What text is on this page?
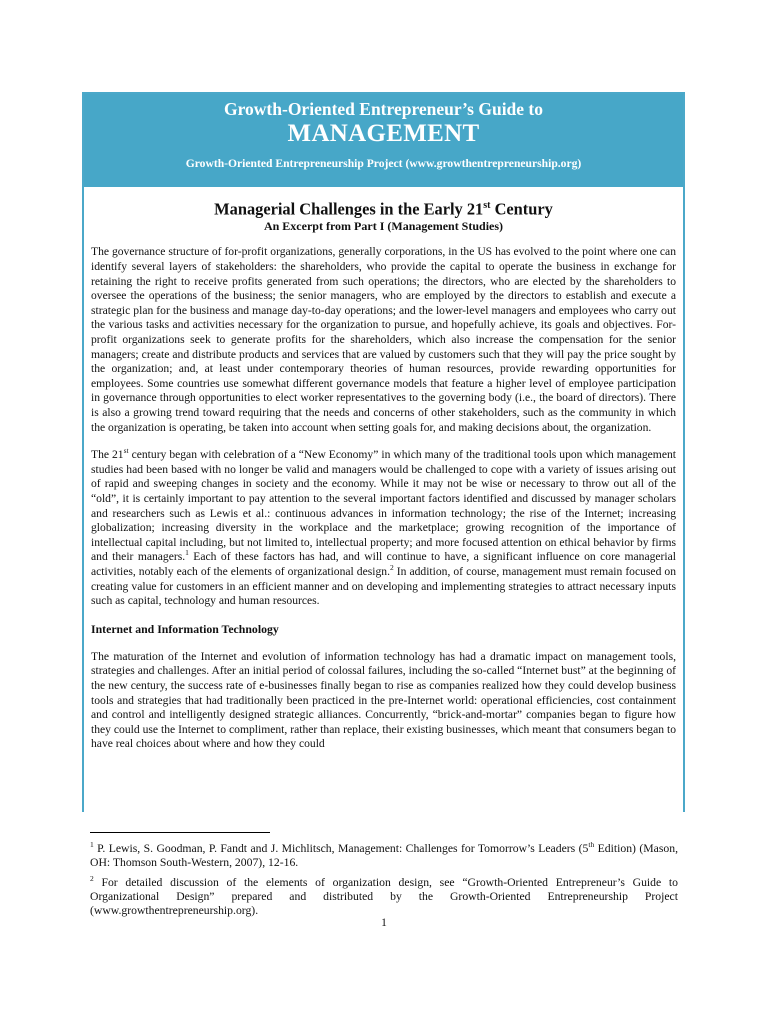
Growth-Oriented Entrepreneur’s Guide to
MANAGEMENT
Growth-Oriented Entrepreneurship Project (www.growthentrepreneurship.org)
Managerial Challenges in the Early 21st Century
An Excerpt from Part I (Management Studies)

The governance structure of for-profit organizations, generally corporations, in the US has evolved to the point where one can identify several layers of stakeholders: the shareholders, who provide the capital to operate the business in exchange for retaining the right to receive profits generated from such operations; the directors, who are elected by the shareholders to oversee the operations of the business; the senior managers, who are employed by the directors to establish and execute a strategic plan for the business and manage day-to-day operations; and the lower-level managers and employees who carry out the various tasks and activities necessary for the organization to pursue, and hopefully achieve, its goals and objectives. For-profit organizations seek to generate profits for the shareholders, which also increase the compensation for the senior managers; create and distribute products and services that are valued by customers such that they will pay the price sought by the organization; and, at least under contemporary theories of human resources, provide rewarding opportunities for employees. Some countries use somewhat different governance models that feature a higher level of employee participation in governance through opportunities to elect worker representatives to the governing body (i.e., the board of directors). There is also a growing trend toward requiring that the needs and concerns of other stakeholders, such as the community in which the organization is operating, be taken into account when setting goals for, and making decisions about, the organization.

The 21st century began with celebration of a “New Economy” in which many of the traditional tools upon which management studies had been based with no longer be valid and managers would be challenged to cope with a variety of issues arising out of rapid and sweeping changes in society and the economy. While it may not be wise or necessary to throw out all of the “old”, it is certainly important to pay attention to the several important factors identified and discussed by manager scholars and researchers such as Lewis et al.: continuous advances in information technology; the rise of the Internet; increasing globalization; increasing diversity in the workplace and the marketplace; growing recognition of the importance of intellectual capital including, but not limited to, intellectual property; and more focused attention on ethical behavior by firms and their managers.$^1$ Each of these factors has had, and will continue to have, a significant influence on core managerial activities, notably each of the elements of organizational design.$^2$ In addition, of course, management must remain focused on creating value for customers in an efficient manner and on developing and implementing strategies to attract necessary inputs such as capital, technology and human resources.

Internet and Information Technology

The maturation of the Internet and evolution of information technology has had a dramatic impact on management tools, strategies and challenges. After an initial period of colossal failures, including the so-called “Internet bust” at the beginning of the new century, the success rate of e-businesses finally began to rise as companies realized how they could develop business tools and strategies that had traditionally been practiced in the pre-Internet world: operational efficiencies, cost containment and control and intelligently designed strategic alliances. Concurrently, “brick-and-mortar” companies began to figure how they could use the Internet to compliment, rather than replace, their existing businesses, which meant that consumers began to have real choices about where and how they could

$^1$ P. Lewis, S. Goodman, P. Fandt and J. Michlitsch, Management: Challenges for Tomorrow’s Leaders (5th Edition) (Mason, OH: Thomson South-Western, 2007), 12-16.

$^2$ For detailed discussion of the elements of organization design, see “Growth-Oriented Entrepreneur’s Guide to Organizational Design” prepared and distributed by the Growth-Oriented Entrepreneurship Project (www.growthentrepreneurship.org).

1
